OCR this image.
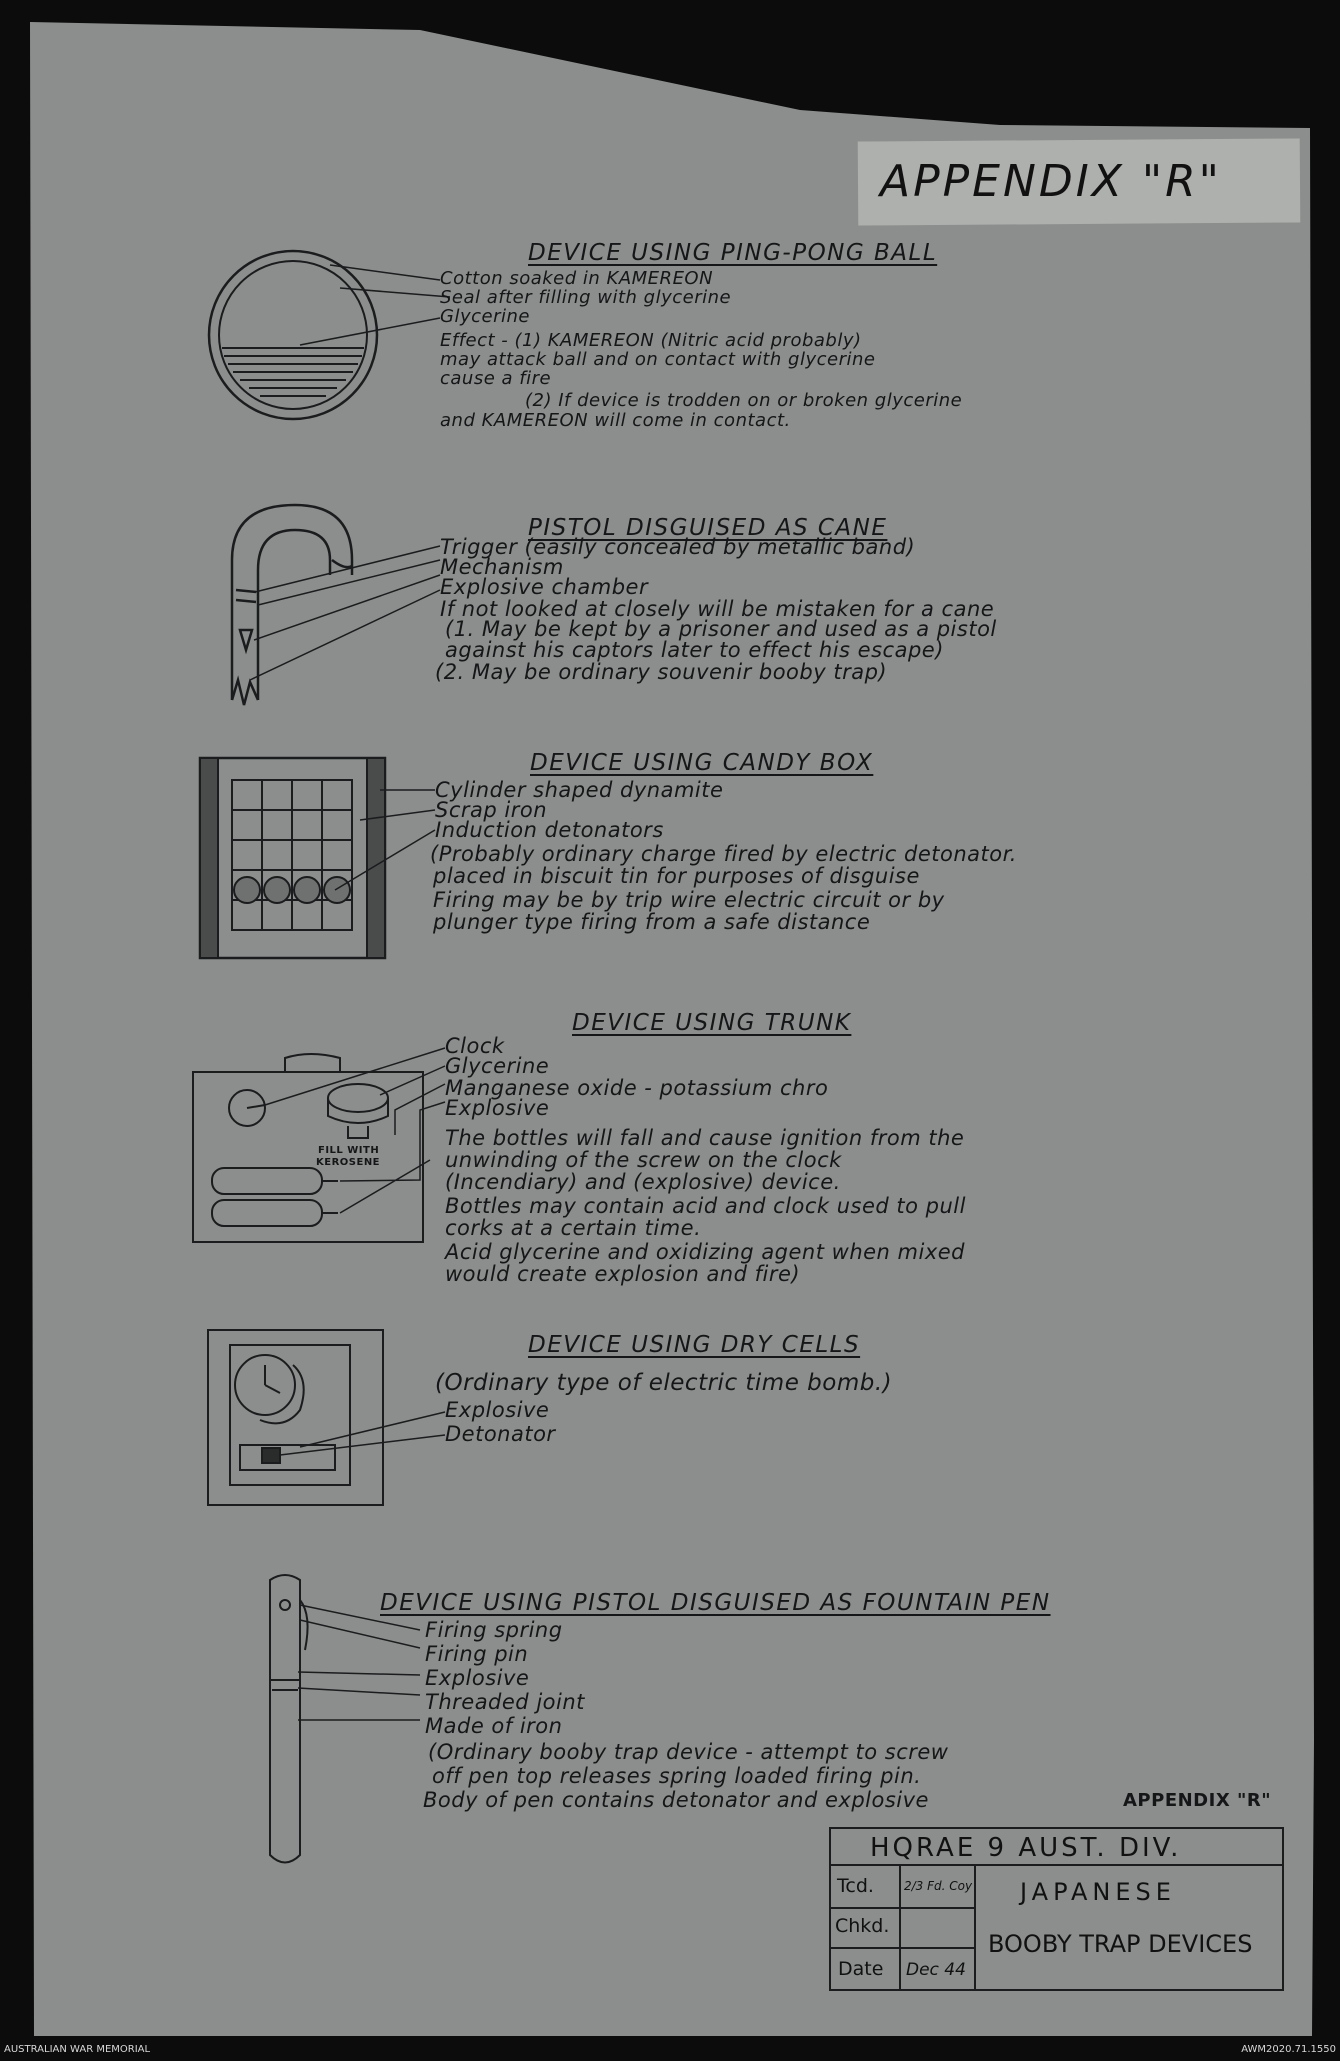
APPENDIX "R"
DEVICE USING PING-PONG BALL
Cotton soaked in KAMEREON
Seal after filling with glycerine
Glycerine
Effect - (1) KAMEREON (Nitric acid probably)
may attack ball and on contact with glycerine
cause a fire
(2) If device is trodden on or broken glycerine
and KAMEREON will come in contact.
PISTOL DISGUISED AS CANE
Trigger (easily concealed by metallic band)
Mechanism
Explosive chamber
If not looked at closely will be mistaken for a cane
(1. May be kept by a prisoner and used as a pistol
against his captors later to effect his escape)
(2. May be ordinary souvenir booby trap)
DEVICE USING CANDY BOX
Cylinder shaped dynamite
Scrap iron
Induction detonators
(Probably ordinary charge fired by electric detonator.
placed in biscuit tin for purposes of disguise
Firing may be by trip wire electric circuit or by
plunger type firing from a safe distance
DEVICE USING TRUNK
Clock
Glycerine
Manganese oxide - potassium chro
Explosive
FILL WITH
KEROSENE
The bottles will fall and cause ignition from the
unwinding of the screw on the clock
(Incendiary) and (explosive) device.
Bottles may contain acid and clock used to pull
corks at a certain time.
Acid glycerine and oxidizing agent when mixed
would create explosion and fire)
DEVICE USING DRY CELLS
(Ordinary type of electric time bomb.)
Explosive
Detonator
DEVICE USING PISTOL DISGUISED AS FOUNTAIN PEN
Firing spring
Firing pin
Explosive
Threaded joint
Made of iron
(Ordinary booby trap device - attempt to screw
off pen top releases spring loaded firing pin.
Body of pen contains detonator and explosive	APPENDIX "R"
HQRAE 9 AUST. DIV.
Tcd.	2/3 Fd. Coy
Chkd.
Date Dec 44
JAPANESE
BOOBY TRAP DEVICES
AUSTRALIAN WAR MEMORIAL	AWM2020.71.1550
